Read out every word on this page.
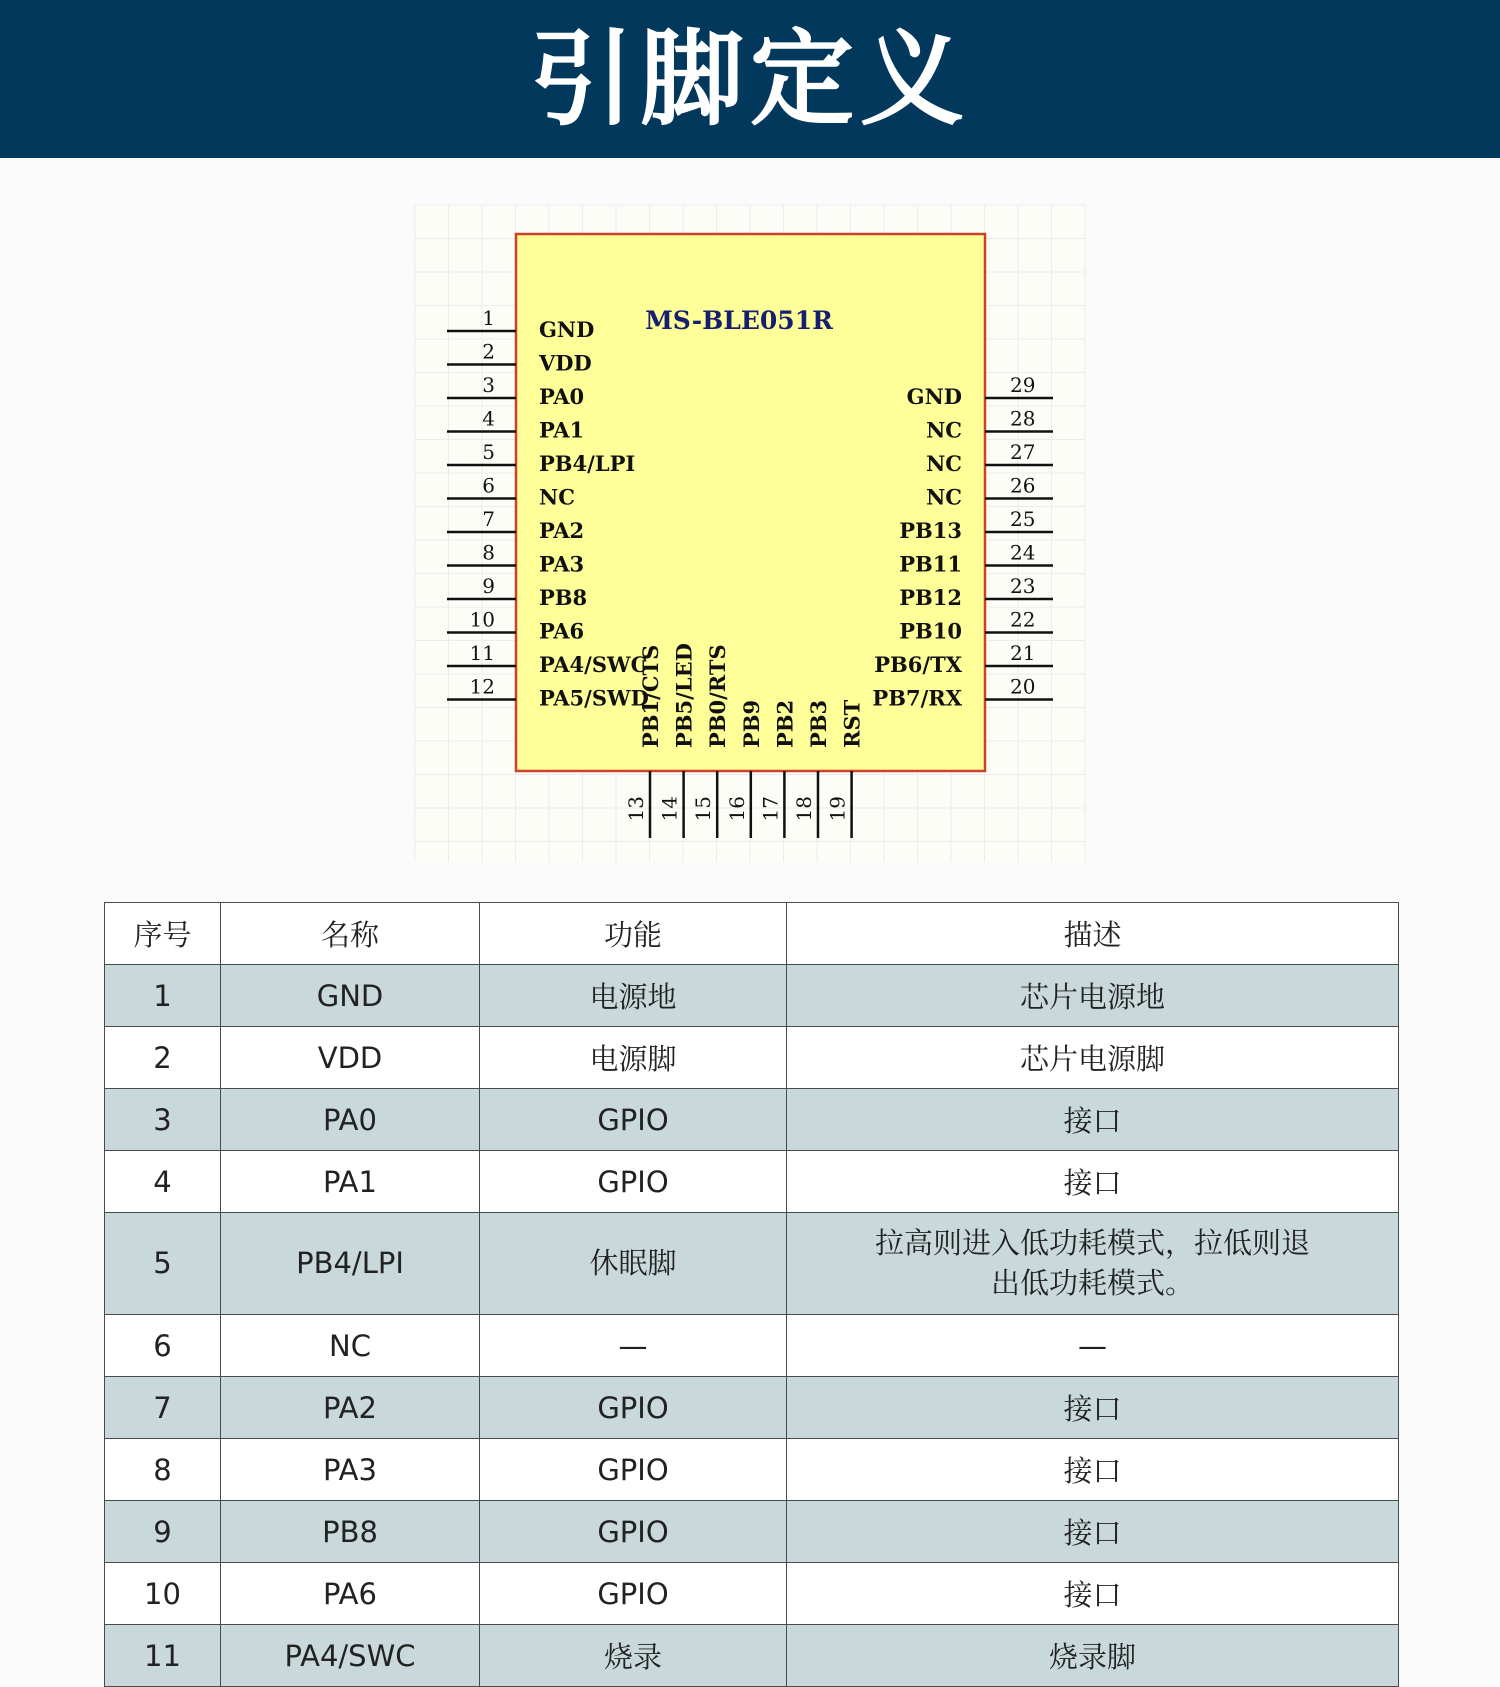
引脚定义
MS-BLE051R
1 GND
2 VDD
3 PA0
4 PA1
5 PB4/LPI
6 NC
7 PA2
8 PA3
9 PB8
10 PA6
11 PA4/SWC
12 PA5/SWD
29
GND
28
NC
27
NC
26
NC
25
PB13
24
PB11
23
PB12
22
PB10
21
PB6/TX
20
PB7/RX
PB1/CTS
13
PB5/LED
14
PB0/RTS
15
PB9
16
PB2
17
PB3
18
RST
19
序号	名称	功能	描述
1	GND	电源地	芯片电源地
2	VDD	电源脚	芯片电源脚
3	PA0	GPIO	接口
4	PA1	GPIO	接口
5	PB4/LPI	休眠脚	拉高则进入低功耗模式，拉低则退
出低功耗模式。
6	NC	—	—
7	PA2	GPIO	接口
8	PA3	GPIO	接口
9	PB8	GPIO	接口
10	PA6	GPIO	接口
11	PA4/SWC	烧录	烧录脚
